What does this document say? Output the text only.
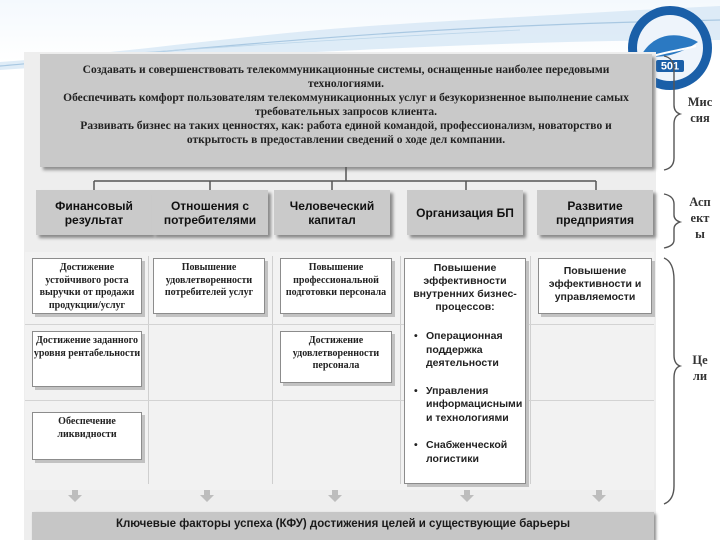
501

Создавать и совершенствовать телекоммуникационные системы, оснащенные наиболее передовыми технологиями.

Обеспечивать комфорт пользователям телекоммуникационных услуг и безукоризненное выполнение самых требовательных запросов клиента.

Развивать бизнес на таких ценностях, как: работа единой командой, профессионализм, новаторство и открытость в предоставлении сведений о ходе дел компании.

Финансовый результат
Отношения с потребителями
Человеческий капитал	Организация БП	Развитие предприятия
Достижение устойчивого роста выручки от продажи продукции/услуг
Достижение заданного уровня рентабельности
Обеспечение ликвидности
Повышение удовлетворенности потребителей услуг
Повышение профессиональной подготовки персонала
Достижение удовлетворенности персонала
Повышение эффективности внутренних бизнес-процессов:
• Операционная поддержка деятельности
• Управления информацисными и технологиями
• Снабженческой логистики
Повышение эффективности и управляемости
Ключевые факторы успеха (КФУ) достижения целей и существующие барьеры
Мис
сия
Асп
ект
ы
Це
ли
